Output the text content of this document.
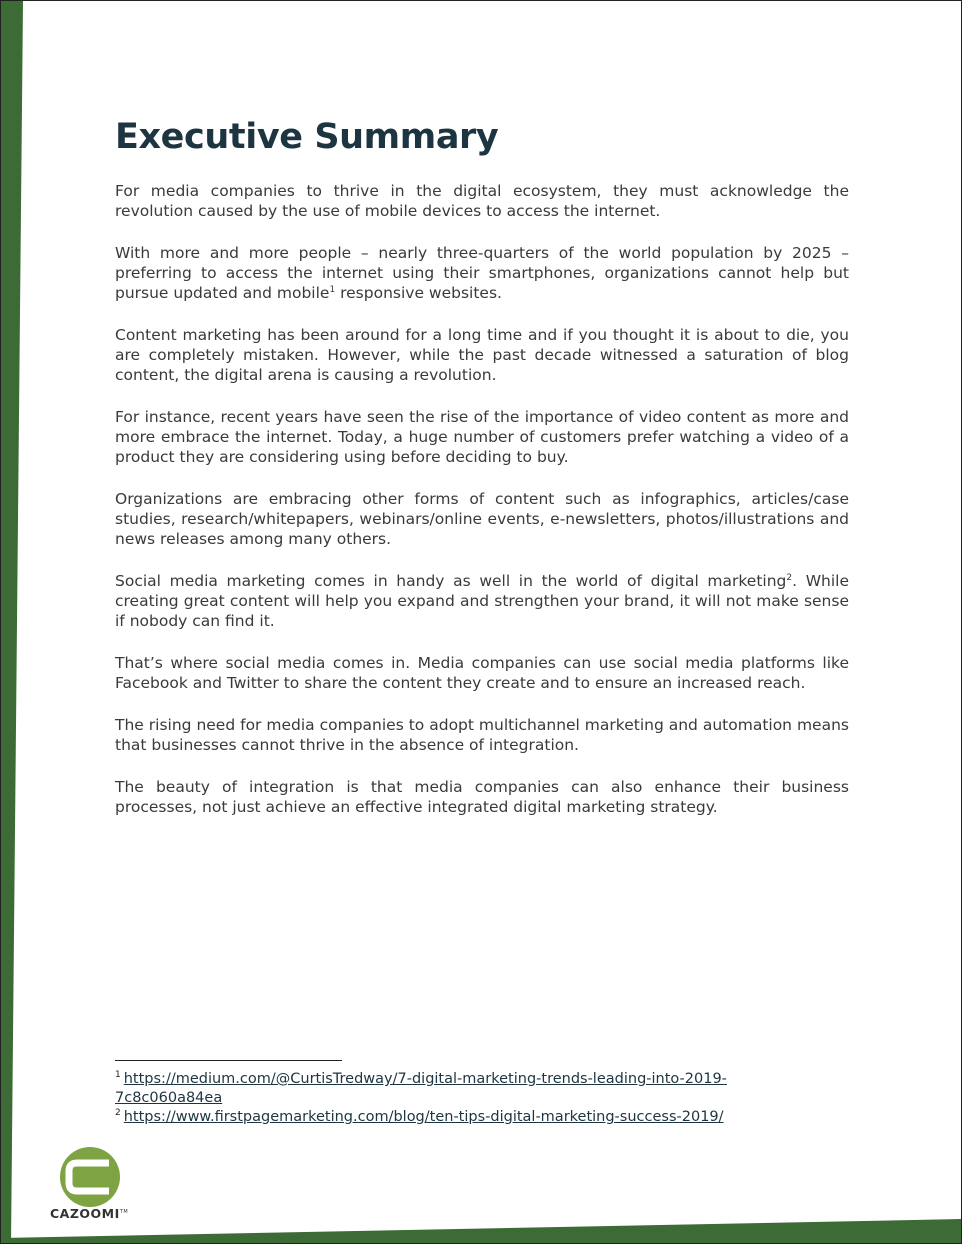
Executive Summary

For media companies to thrive in the digital ecosystem, they must acknowledge the revolution caused by the use of mobile devices to access the internet.

With more and more people – nearly three-quarters of the world population by 2025 – preferring to access the internet using their smartphones, organizations cannot help but pursue updated and mobile$^1$ responsive websites.

Content marketing has been around for a long time and if you thought it is about to die, you are completely mistaken. However, while the past decade witnessed a saturation of blog content, the digital arena is causing a revolution.

For instance, recent years have seen the rise of the importance of video content as more and more embrace the internet. Today, a huge number of customers prefer watching a video of a product they are considering using before deciding to buy.

Organizations are embracing other forms of content such as infographics, articles/case studies, research/whitepapers, webinars/online events, e-newsletters, photos/illustrations and news releases among many others.

Social media marketing comes in handy as well in the world of digital marketing$^2$. While creating great content will help you expand and strengthen your brand, it will not make sense if nobody can find it.

That’s where social media comes in. Media companies can use social media platforms like Facebook and Twitter to share the content they create and to ensure an increased reach.

The rising need for media companies to adopt multichannel marketing and automation means that businesses cannot thrive in the absence of integration.

The beauty of integration is that media companies can also enhance their business processes, not just achieve an effective integrated digital marketing strategy.

$^1$ https://medium.com/@CurtisTredway/7-digital-marketing-trends-leading-into-2019-
7c8c060a84ea
$^2$ https://www.firstpagemarketing.com/blog/ten-tips-digital-marketing-success-2019/
CAZOOMI™
